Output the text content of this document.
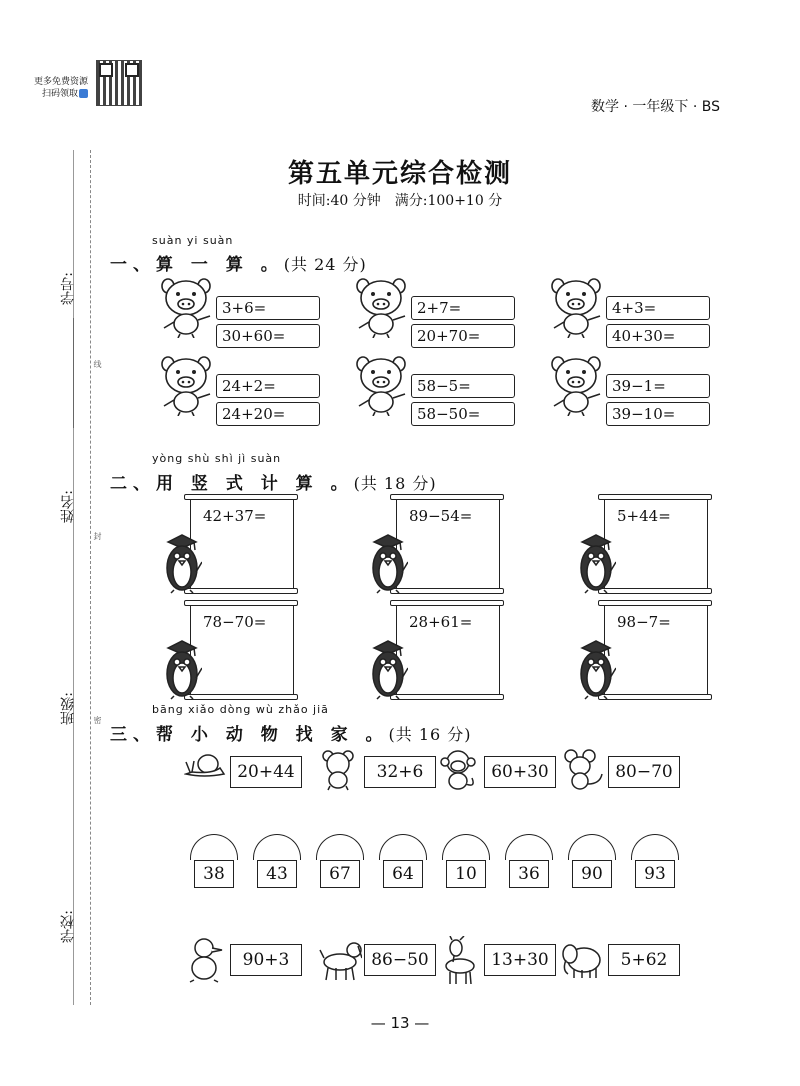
更多免费资源
扫码领取
数学 · 一年级下 · BS
学号:
线
姓名:
封
班级: 密
学校:
第五单元综合检测
时间:40 分钟　满分:100+10 分
suàn yi suàn
一、算 一 算 。(共 24 分)
3+6=
30+60=
2+7=
20+70=
4+3=
40+30=
24+2=
24+20=
58−5=
58−50=
39−1=
39−10=
yòng shù shì jì suàn
二、用 竖 式 计 算 。(共 18 分)
42+37=	89−54=	5+44=
78−70=	28+61=	98−7=
bāng xiǎo dòng wù zhǎo jiā
三、帮 小 动 物 找 家 。(共 16 分)
20+44	32+6	60+30	80−70
90+3	86−50	13+30	5+62
38	43	67	64	10	36	90	93
— 13 —
